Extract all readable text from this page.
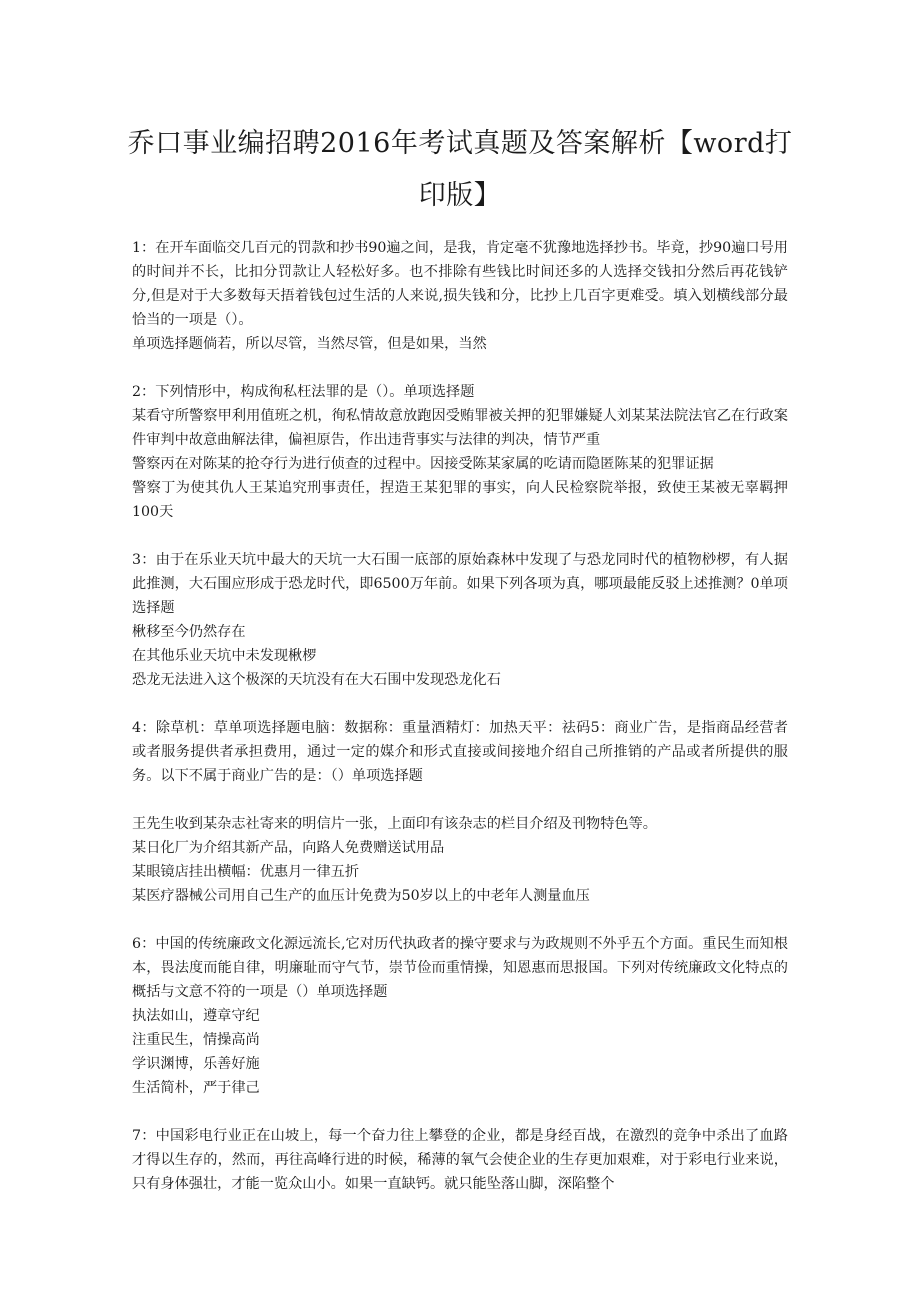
乔口事业编招聘2016年考试真题及答案解析【word打印版】

1：在开车面临交几百元的罚款和抄书90遍之间，是我，肯定毫不犹豫地选择抄书。毕竟，抄90遍口号用的时间并不长，比扣分罚款让人轻松好多。也不排除有些钱比时间还多的人选择交钱扣分然后再花钱铲分,但是对于大多数每天捂着钱包过生活的人来说,损失钱和分，比抄上几百字更难受。填入划横线部分最恰当的一项是（）。

单项选择题倘若，所以尽管，当然尽管，但是如果，当然

2：下列情形中，构成徇私枉法罪的是（）。单项选择题

某看守所警察甲利用值班之机，徇私情故意放跑因受贿罪被关押的犯罪嫌疑人刘某某法院法官乙在行政案件审判中故意曲解法律，偏袒原告，作出违背事实与法律的判决，情节严重

警察丙在对陈某的抢夺行为进行侦查的过程中。因接受陈某家属的吃请而隐匿陈某的犯罪证据

警察丁为使其仇人王某追究刑事责任，捏造王某犯罪的事实，向人民检察院举报，致使王某被无辜羁押100天

3：由于在乐业天坑中最大的天坑一大石围一底部的原始森林中发现了与恐龙同时代的植物桫椤，有人据此推测，大石围应形成于恐龙时代，即6500万年前。如果下列各项为真，哪项最能反驳上述推测？0单项选择题

楸移至今仍然存在

在其他乐业天坑中未发现楸椤

恐龙无法进入这个极深的天坑没有在大石围中发现恐龙化石

4：除草机：草单项选择题电脑：数据称：重量酒精灯：加热天平：祛码5：商业广告，是指商品经营者或者服务提供者承担费用，通过一定的媒介和形式直接或间接地介绍自己所推销的产品或者所提供的服务。以下不属于商业广告的是：（）单项选择题

王先生收到某杂志社寄来的明信片一张，上面印有该杂志的栏目介绍及刊物特色等。

某日化厂为介绍其新产品，向路人免费赠送试用品

某眼镜店挂出横幅：优惠月一律五折

某医疗器械公司用自己生产的血压计免费为50岁以上的中老年人测量血压

6：中国的传统廉政文化源远流长,它对历代执政者的操守要求与为政规则不外乎五个方面。重民生而知根本，畏法度而能自律，明廉耻而守气节，崇节俭而重情操，知恩惠而思报国。下列对传统廉政文化特点的概括与文意不符的一项是（）单项选择题

执法如山，遵章守纪

注重民生，情操高尚

学识渊博，乐善好施

生活简朴，严于律己

7：中国彩电行业正在山坡上，每一个奋力往上攀登的企业，都是身经百战，在激烈的竞争中杀出了血路才得以生存的，然而，再往高峰行进的时候，稀薄的氧气会使企业的生存更加艰难，对于彩电行业来说，只有身体强壮，才能一览众山小。如果一直缺钙。就只能坠落山脚，深陷整个
